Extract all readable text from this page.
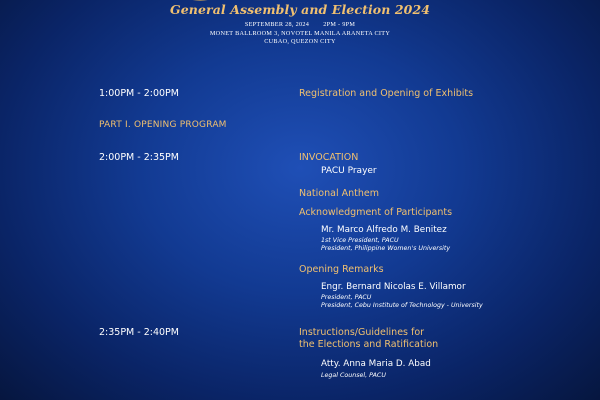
General Assembly and Election 2024
SEPTEMBER 28, 2024 2PM - 9PM
MONET BALLROOM 3, NOVOTEL MANILA ARANETA CITY
CUBAO, QUEZON CITY
1:00PM - 2:00PM	Registration and Opening of Exhibits
PART I. OPENING PROGRAM
2:00PM - 2:35PM	INVOCATION
PACU Prayer
National Anthem
Acknowledgment of Participants
Mr. Marco Alfredo M. Benitez
1st Vice President, PACU
President, Philippine Women's University
Opening Remarks
Engr. Bernard Nicolas E. Villamor
President, PACU
President, Cebu Institute of Technology - University
2:35PM - 2:40PM	Instructions/Guidelines for
the Elections and Ratification
Atty. Anna Maria D. Abad
Legal Counsel, PACU
